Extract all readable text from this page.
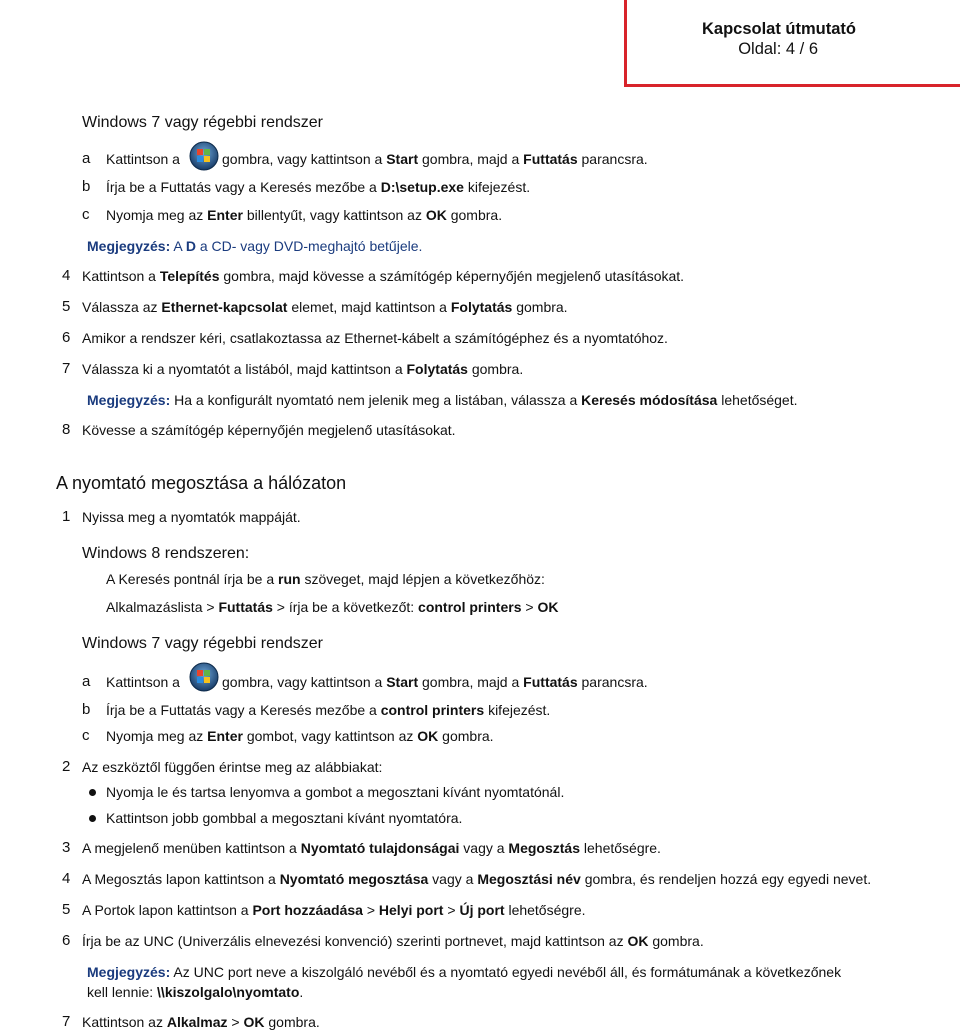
Kapcsolat útmutató
Oldal: 4 / 6
Windows 7 vagy régebbi rendszer
a Kattintson a	gombra, vagy kattintson a Start gombra, majd a Futtatás parancsra.
b Írja be a Futtatás vagy a Keresés mezőbe a D:\setup.exe kifejezést.
c Nyomja meg az Enter billentyűt, vagy kattintson az OK gombra.
Megjegyzés: A D a CD- vagy DVD-meghajtó betűjele.
4 Kattintson a Telepítés gombra, majd kövesse a számítógép képernyőjén megjelenő utasításokat.
5 Válassza az Ethernet-kapcsolat elemet, majd kattintson a Folytatás gombra.
6 Amikor a rendszer kéri, csatlakoztassa az Ethernet-kábelt a számítógéphez és a nyomtatóhoz.
7 Válassza ki a nyomtatót a listából, majd kattintson a Folytatás gombra.
Megjegyzés: Ha a konfigurált nyomtató nem jelenik meg a listában, válassza a Keresés módosítása lehetőséget.
8 Kövesse a számítógép képernyőjén megjelenő utasításokat.
A nyomtató megosztása a hálózaton
1 Nyissa meg a nyomtatók mappáját.
Windows 8 rendszeren:
A Keresés pontnál írja be a run szöveget, majd lépjen a következőhöz:
Alkalmazáslista > Futtatás > írja be a következőt: control printers > OK
Windows 7 vagy régebbi rendszer
a Kattintson a	gombra, vagy kattintson a Start gombra, majd a Futtatás parancsra.
b Írja be a Futtatás vagy a Keresés mezőbe a control printers kifejezést.
c Nyomja meg az Enter gombot, vagy kattintson az OK gombra.
2 Az eszköztől függően érintse meg az alábbiakat:
Nyomja le és tartsa lenyomva a gombot a megosztani kívánt nyomtatónál.
Kattintson jobb gombbal a megosztani kívánt nyomtatóra.
3 A megjelenő menüben kattintson a Nyomtató tulajdonságai vagy a Megosztás lehetőségre.
4 A Megosztás lapon kattintson a Nyomtató megosztása vagy a Megosztási név gombra, és rendeljen hozzá egy egyedi nevet.
5 A Portok lapon kattintson a Port hozzáadása > Helyi port > Új port lehetőségre.
6 Írja be az UNC (Univerzális elnevezési konvenció) szerinti portnevet, majd kattintson az OK gombra.
Megjegyzés: Az UNC port neve a kiszolgáló nevéből és a nyomtató egyedi nevéből áll, és formátumának a következőnek
kell lennie: \\kiszolgalo\nyomtato.
7 Kattintson az Alkalmaz > OK gombra.
